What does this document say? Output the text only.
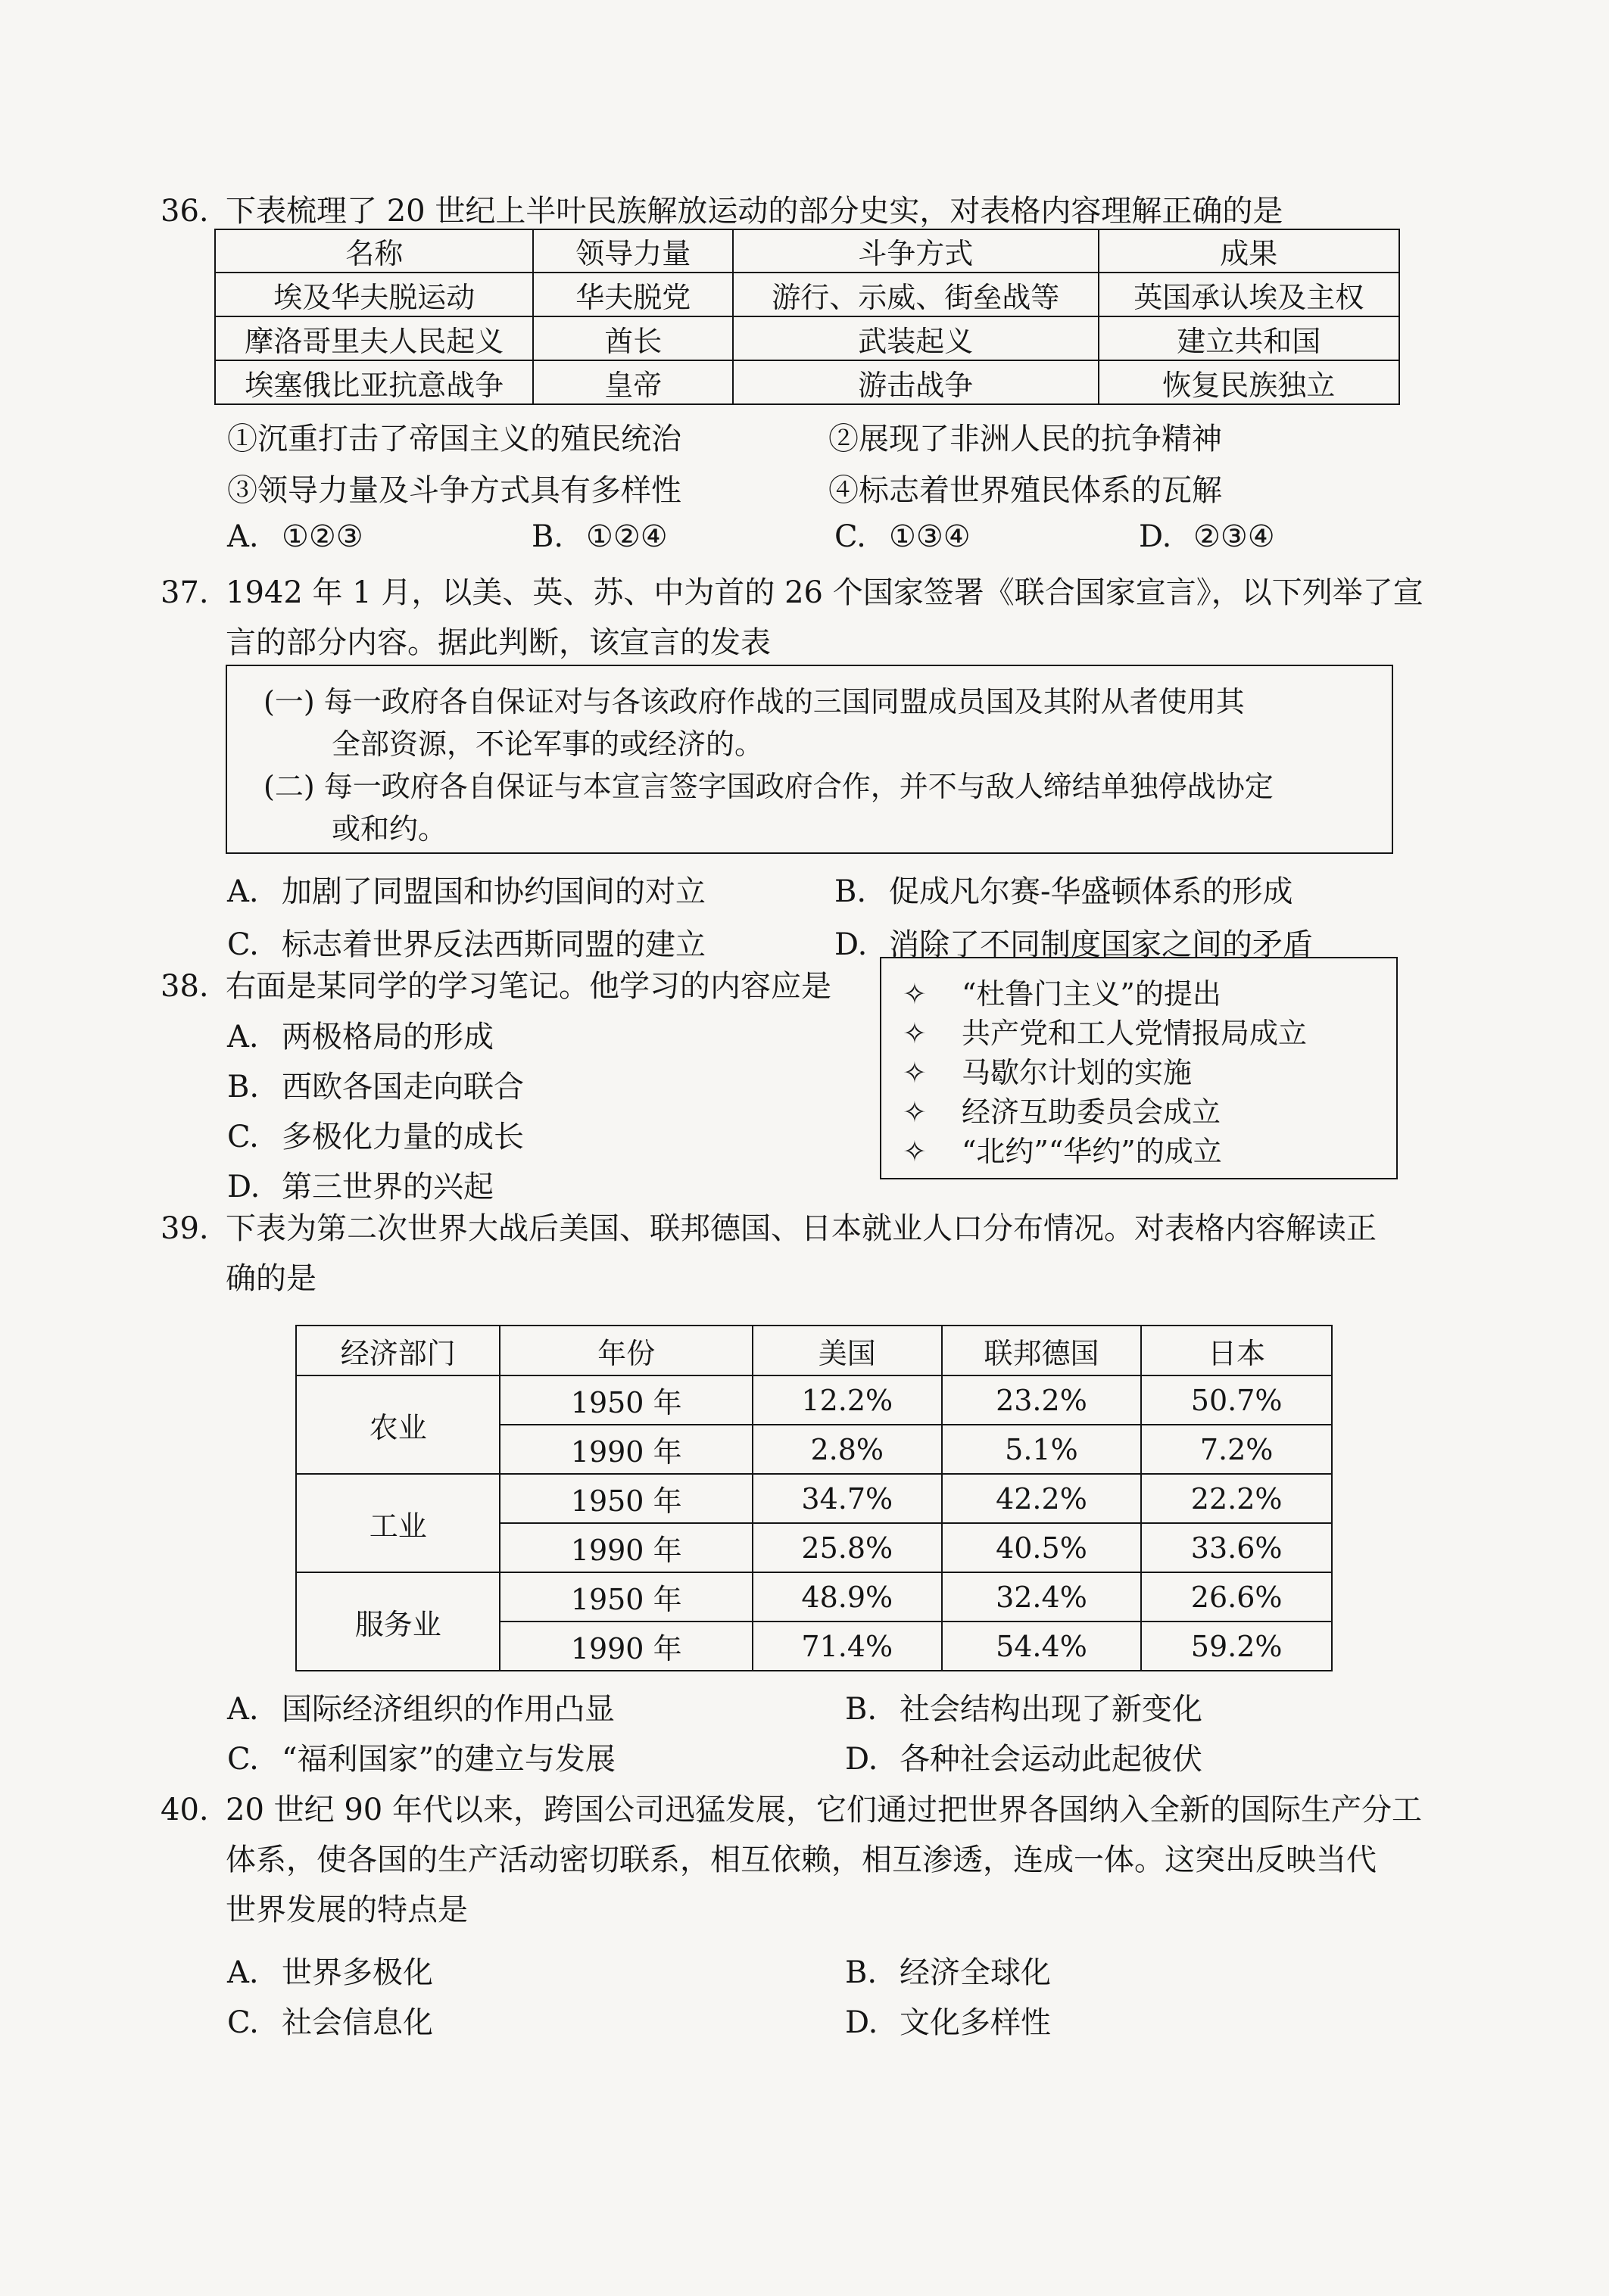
36. 下表梳理了 20 世纪上半叶民族解放运动的部分史实，对表格内容理解正确的是
名称	领导力量	斗争方式	成果
埃及华夫脱运动	华夫脱党	游行、示威、街垒战等	英国承认埃及主权
摩洛哥里夫人民起义	酋长	武装起义	建立共和国
埃塞俄比亚抗意战争	皇帝	游击战争	恢复民族独立
①沉重打击了帝国主义的殖民统治	②展现了非洲人民的抗争精神
③领导力量及斗争方式具有多样性	④标志着世界殖民体系的瓦解
A. ①②③	B. ①②④	C. ①③④	D. ②③④
37. 1942 年 1 月，以美、英、苏、中为首的 26 个国家签署《联合国家宣言》，以下列举了宣
言的部分内容。据此判断，该宣言的发表
(一) 每一政府各自保证对与各该政府作战的三国同盟成员国及其附从者使用其
全部资源，不论军事的或经济的。
(二) 每一政府各自保证与本宣言签字国政府合作，并不与敌人缔结单独停战协定
或和约。
A. 加剧了同盟国和协约国间的对立	B. 促成凡尔赛-华盛顿体系的形成
C. 标志着世界反法西斯同盟的建立	D. 消除了不同制度国家之间的矛盾
38. 右面是某同学的学习笔记。他学习的内容应是
A. 两极格局的形成
B. 西欧各国走向联合
C. 多极化力量的成长
D. 第三世界的兴起
✧ “杜鲁门主义”的提出
✧ 共产党和工人党情报局成立
✧ 马歇尔计划的实施
✧ 经济互助委员会成立
✧ “北约”“华约”的成立
39. 下表为第二次世界大战后美国、联邦德国、日本就业人口分布情况。对表格内容解读正
确的是
经济部门	年份	美国	联邦德国	日本
农业	1950 年	12.2%	23.2%	50.7%
	1990 年	2.8%	5.1%	7.2%
工业	1950 年	34.7%	42.2%	22.2%
	1990 年	25.8%	40.5%	33.6%
服务业	1950 年	48.9%	32.4%	26.6%
	1990 年	71.4%	54.4%	59.2%
A. 国际经济组织的作用凸显	B. 社会结构出现了新变化
C. “福利国家”的建立与发展	D. 各种社会运动此起彼伏
40. 20 世纪 90 年代以来，跨国公司迅猛发展，它们通过把世界各国纳入全新的国际生产分工
体系，使各国的生产活动密切联系，相互依赖，相互渗透，连成一体。这突出反映当代
世界发展的特点是
A. 世界多极化	B. 经济全球化
C. 社会信息化	D. 文化多样性
